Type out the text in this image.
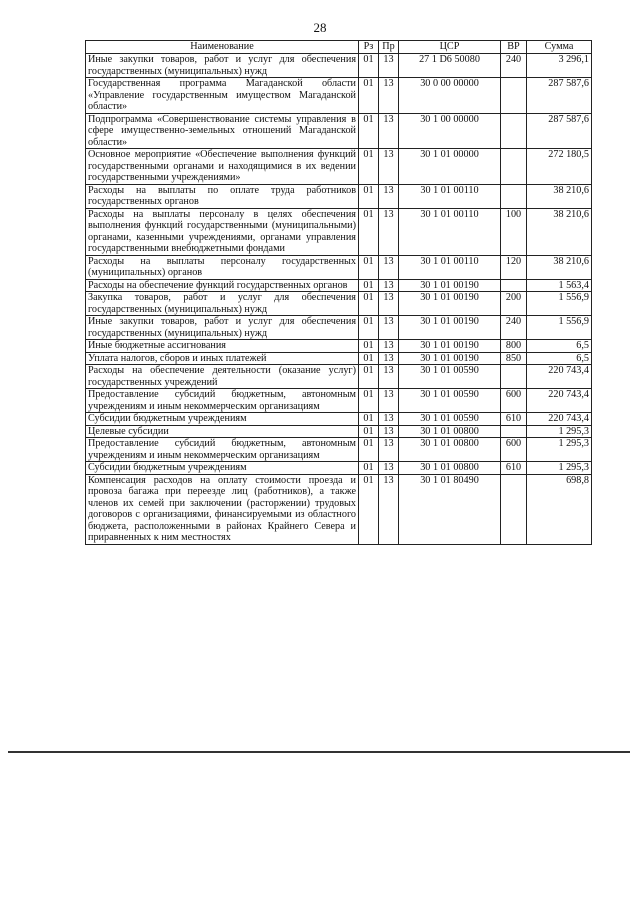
28
Наименование	Рз	Пр	ЦСР	ВР	Сумма
Иные закупки товаров, работ и услуг для обеспечения государственных (муниципальных) нужд	01	13	27 1 D6 50080	240	3 296,1
Государственная программа Магаданской области «Управление государственным имуществом Магаданской области»	01	13	30 0 00 00000		287 587,6
Подпрограмма «Совершенствование системы управления в сфере имущественно-земельных отношений Магаданской области»	01	13	30 1 00 00000		287 587,6
Основное мероприятие «Обеспечение выполнения функций государственными органами и находящимися в их ведении государственными учреждениями»	01	13	30 1 01 00000		272 180,5
Расходы на выплаты по оплате труда работников государственных органов	01	13	30 1 01 00110		38 210,6
Расходы на выплаты персоналу в целях обеспечения выполнения функций государственными (муниципальными) органами, казенными учреждениями, органами управления государственными внебюджетными фондами	01	13	30 1 01 00110	100	38 210,6
Расходы на выплаты персоналу государственных (муниципальных) органов	01	13	30 1 01 00110	120	38 210,6
Расходы на обеспечение функций государственных органов	01	13	30 1 01 00190		1 563,4
Закупка товаров, работ и услуг для обеспечения государственных (муниципальных) нужд	01	13	30 1 01 00190	200	1 556,9
Иные закупки товаров, работ и услуг для обеспечения государственных (муниципальных) нужд	01	13	30 1 01 00190	240	1 556,9
Иные бюджетные ассигнования	01	13	30 1 01 00190	800	6,5
Уплата налогов, сборов и иных платежей	01	13	30 1 01 00190	850	6,5
Расходы на обеспечение деятельности (оказание услуг) государственных учреждений	01	13	30 1 01 00590		220 743,4
Предоставление субсидий бюджетным, автономным учреждениям и иным некоммерческим организациям	01	13	30 1 01 00590	600	220 743,4
Субсидии бюджетным учреждениям	01	13	30 1 01 00590	610	220 743,4
Целевые субсидии	01	13	30 1 01 00800		1 295,3
Предоставление субсидий бюджетным, автономным учреждениям и иным некоммерческим организациям	01	13	30 1 01 00800	600	1 295,3
Субсидии бюджетным учреждениям	01	13	30 1 01 00800	610	1 295,3
Компенсация расходов на оплату стоимости проезда и провоза багажа при переезде лиц (работников), а также членов их семей при заключении (расторжении) трудовых договоров с организациями, финансируемыми из областного бюджета, расположенными в районах Крайнего Севера и приравненных к ним местностях	01	13	30 1 01 80490		698,8
